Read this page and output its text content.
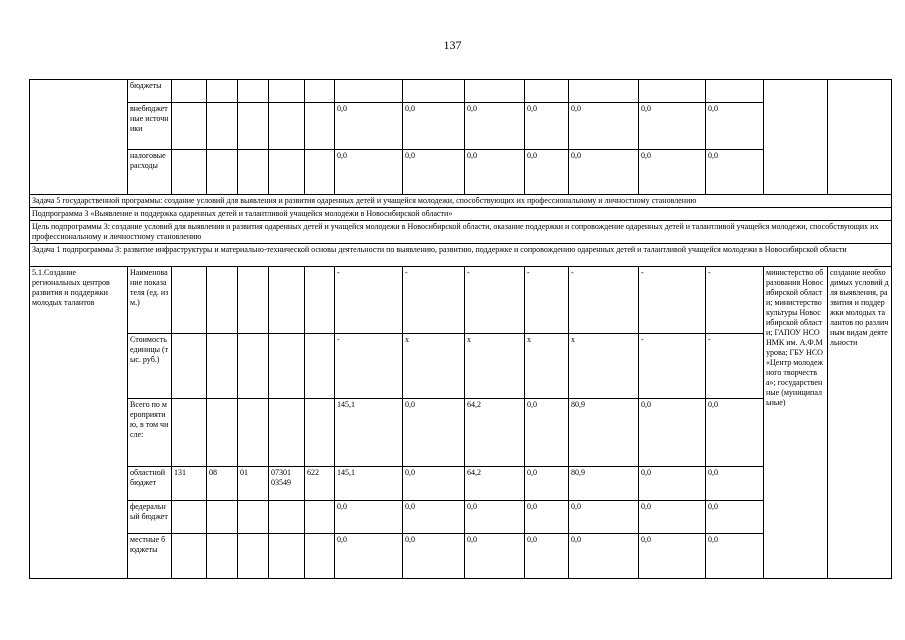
137
	бюджеты														
	внебюджетные источники						0,0	0,0	0,0	0,0	0,0	0,0	0,0		
	налоговые расходы						0,0	0,0	0,0	0,0	0,0	0,0	0,0		
Задача 5 государственной программы: создание условий для выявления и развития одаренных детей и учащейся молодежи, способствующих их профессиональному и личностному становлению															
Подпрограмма 3 «Выявление и поддержка одаренных детей и талантливой учащейся молодежи в Новосибирской области»															
Цель подпрограммы 3: создание условий для выявления и развития одаренных детей и учащейся молодежи в Новосибирской области, оказание поддержки и сопровождение одаренных детей и талантливой учащейся молодежи, способствующих их профессиональному и личностному становлению															
Задача 1 подпрограммы 3: развитие инфраструктуры и материально-технической основы деятельности по выявлению, развитию, поддержке и сопровождению одаренных детей и талантливой учащейся молодежи в Новосибирской области															
5.1.Создание региональных центров развития и поддержки молодых талантов	Наименование показателя (ед. изм.)						-	-	-	-	-	-	-	министерство образования Новосибирской области; министерство культуры Новосибирской области; ГАПОУ НСО НМК им. А.Ф.Мурова; ГБУ НСО «Центр молодежного творчества»; государственные (муниципальные)	создание необходимых условий для выявления, развития и поддержки молодых талантов по различным видам деятельности
	Стоимость единицы (тыс. руб.)						-	x	x	x	x	-	-		
	Всего по мероприятию, в том числе:						145,1	0,0	64,2	0,0	80,9	0,0	0,0		
	областной бюджет	131	08	01	07301 03549	622	145,1	0,0	64,2	0,0	80,9	0,0	0,0		
	федеральный бюджет						0,0	0,0	0,0	0,0	0,0	0,0	0,0		
	местные бюджеты						0,0	0,0	0,0	0,0	0,0	0,0	0,0		
